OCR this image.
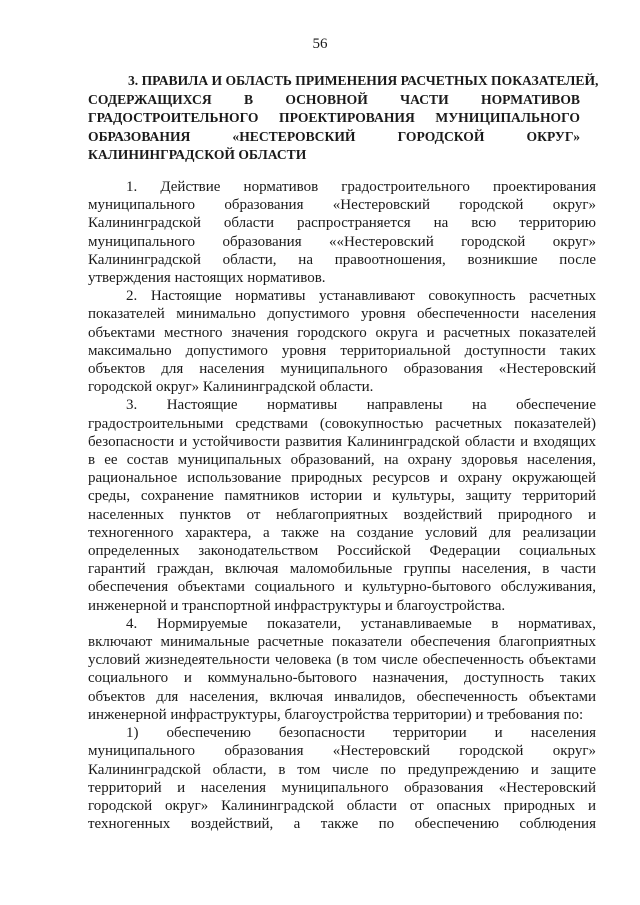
56
3. ПРАВИЛА И ОБЛАСТЬ ПРИМЕНЕНИЯ РАСЧЕТНЫХ ПОКАЗАТЕЛЕЙ,
СОДЕРЖАЩИХСЯ В ОСНОВНОЙ ЧАСТИ НОРМАТИВОВ
ГРАДОСТРОИТЕЛЬНОГО ПРОЕКТИРОВАНИЯ МУНИЦИПАЛЬНОГО
ОБРАЗОВАНИЯ «НЕСТЕРОВСКИЙ ГОРОДСКОЙ ОКРУГ»
КАЛИНИНГРАДСКОЙ ОБЛАСТИ
1. Действие нормативов градостроительного проектирования
муниципального образования «Нестеровский городской округ»
Калининградской области распространяется на всю территорию
муниципального образования ««Нестеровский городской округ»
Калининградской области, на правоотношения, возникшие после
утверждения настоящих нормативов.
2. Настоящие нормативы устанавливают совокупность расчетных
показателей минимально допустимого уровня обеспеченности населения
объектами местного значения городского округа и расчетных показателей
максимально допустимого уровня территориальной доступности таких
объектов для населения муниципального образования «Нестеровский
городской округ» Калининградской области.
3. Настоящие нормативы направлены на обеспечение
градостроительными средствами (совокупностью расчетных показателей)
безопасности и устойчивости развития Калининградской области и входящих
в ее состав муниципальных образований, на охрану здоровья населения,
рациональное использование природных ресурсов и охрану окружающей
среды, сохранение памятников истории и культуры, защиту территорий
населенных пунктов от неблагоприятных воздействий природного и
техногенного характера, а также на создание условий для реализации
определенных законодательством Российской Федерации социальных
гарантий граждан, включая маломобильные группы населения, в части
обеспечения объектами социального и культурно-бытового обслуживания,
инженерной и транспортной инфраструктуры и благоустройства.
4. Нормируемые показатели, устанавливаемые в нормативах,
включают минимальные расчетные показатели обеспечения благоприятных
условий жизнедеятельности человека (в том числе обеспеченность объектами
социального и коммунально-бытового назначения, доступность таких
объектов для населения, включая инвалидов, обеспеченность объектами
инженерной инфраструктуры, благоустройства территории) и требования по:
1) обеспечению безопасности территории и населения
муниципального образования «Нестеровский городской округ»
Калининградской области, в том числе по предупреждению и защите
территорий и населения муниципального образования «Нестеровский
городской округ» Калининградской области от опасных природных и
техногенных воздействий, а также по обеспечению соблюдения
